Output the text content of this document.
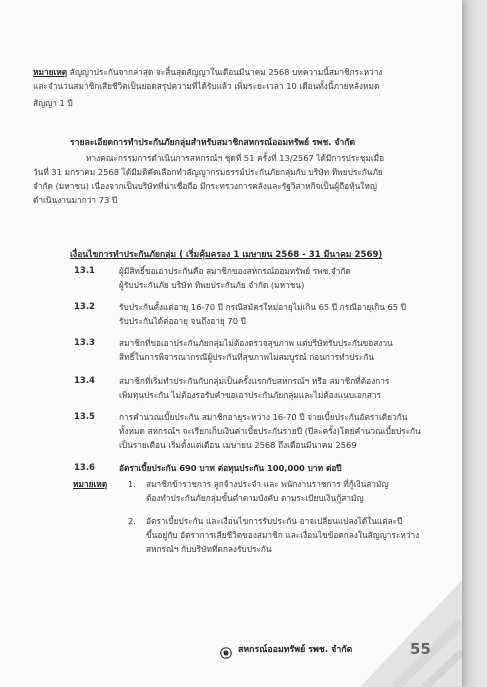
หมายเหตุ สัญญาประกันจากล่าสุด จะสิ้นสุดสัญญาในเดือนมีนาคม 2568 บทความนี้สมาชิกระหว่าง
และจำนวนสมาชิกเสียชีวิตเป็นยอดสรุปความที่ได้รับแล้ว เพิ่มระยะเวลา 10 เดือนทั้งนี้ภายหลังหมด
สัญญา 1 ปี
รายละเอียดการทำประกันภัยกลุ่มสำหรับสมาชิกสหกรณ์ออมทรัพย์ รพช. จำกัด
ทางคณะกรรมการดำเนินการสหกรณ์ฯ ชุดที่ 51 ครั้งที่ 13/2567 ได้มีการประชุมเมื่อ
วันที่ 31 มกราคม 2568 ได้มีมติคัดเลือกทำสัญญากรมธรรม์ประกันภัยกลุ่มกับ บริษัท ทิพยประกันภัย
จำกัด (มหาชน) เนื่องจากเป็นบริษัทที่น่าเชื่อถือ มีกระทรวงการคลังและรัฐวิสาหกิจเป็นผู้ถือหุ้นใหญ่
ดำเนินงานมากว่า 73 ปี
เงื่อนไขการทำประกันภัยกลุ่ม ( เริ่มคุ้มครอง 1 เมษายน 2568 - 31 มีนาคม 2569)
13.1	ผู้มีสิทธิ์ขอเอาประกันคือ สมาชิกของสหกรณ์ออมทรัพย์ รพช.จำกัด
ผู้รับประกันภัย บริษัท ทิพยประกันภัย จำกัด (มหาชน)
13.2	รับประกันตั้งแต่อายุ 16-70 ปี กรณีสมัครใหม่อายุไม่เกิน 65 ปี กรณีอายุเกิน 65 ปี
รับประกันได้ต่ออายุ จนถึงอายุ 70 ปี
13.3	สมาชิกที่ขอเอาประกันภัยกลุ่มไม่ต้องตรวจสุขภาพ แต่บริษัทรับประกันขอสงวน
สิทธิ์ในการพิจารณากรณีผู้ประกันที่สุขภาพไม่สมบูรณ์ ก่อนการทำประกัน
13.4	สมาชิกที่เริ่มทำประกันกับกลุ่มเป็นครั้งแรกกับสหกรณ์ฯ หรือ สมาชิกที่ต้องการ
เพิ่มทุนประกัน ไม่ต้องรอรับคำขอเอาประกันภัยกลุ่มและไม่ต้องแนบเอกสาร
13.5	การคำนวณเบี้ยประกัน สมาชิกอายุระหว่าง 16-70 ปี จ่ายเบี้ยประกันอัตราเดียวกัน
ทั้งหมด สหกรณ์ฯ จะเรียกเก็บเงินค่าเบี้ยประกันรายปี (ปีละครั้ง)โดยคำนวณเบี้ยประกัน
เป็นรายเดือน เริ่มตั้งแต่เดือน เมษายน 2568 ถึงเดือนมีนาคม 2569
13.6	อัตราเบี้ยประกัน 690 บาท ต่อทุนประกัน 100,000 บาท ต่อปี
หมายเหตุ	1. สมาชิกข้าราชการ ลูกจ้างประจำ และ พนักงานราชการ ที่กู้เงินสามัญ
ต้องทำประกันภัยกลุ่มขั้นต่ำตามบังคับ ตามระเบียบเงินกู้สามัญ
2. อัตราเบี้ยประกัน และเงื่อนไขการรับประกัน อาจเปลี่ยนแปลงได้ในแต่ละปี
ขึ้นอยู่กับ อัตราการเสียชีวิตของสมาชิก และเงื่อนไขข้อตกลงในสัญญาระหว่าง
สหกรณ์ฯ กับบริษัทที่ตกลงรับประกัน
สหกรณ์ออมทรัพย์ รพช. จำกัด	55
